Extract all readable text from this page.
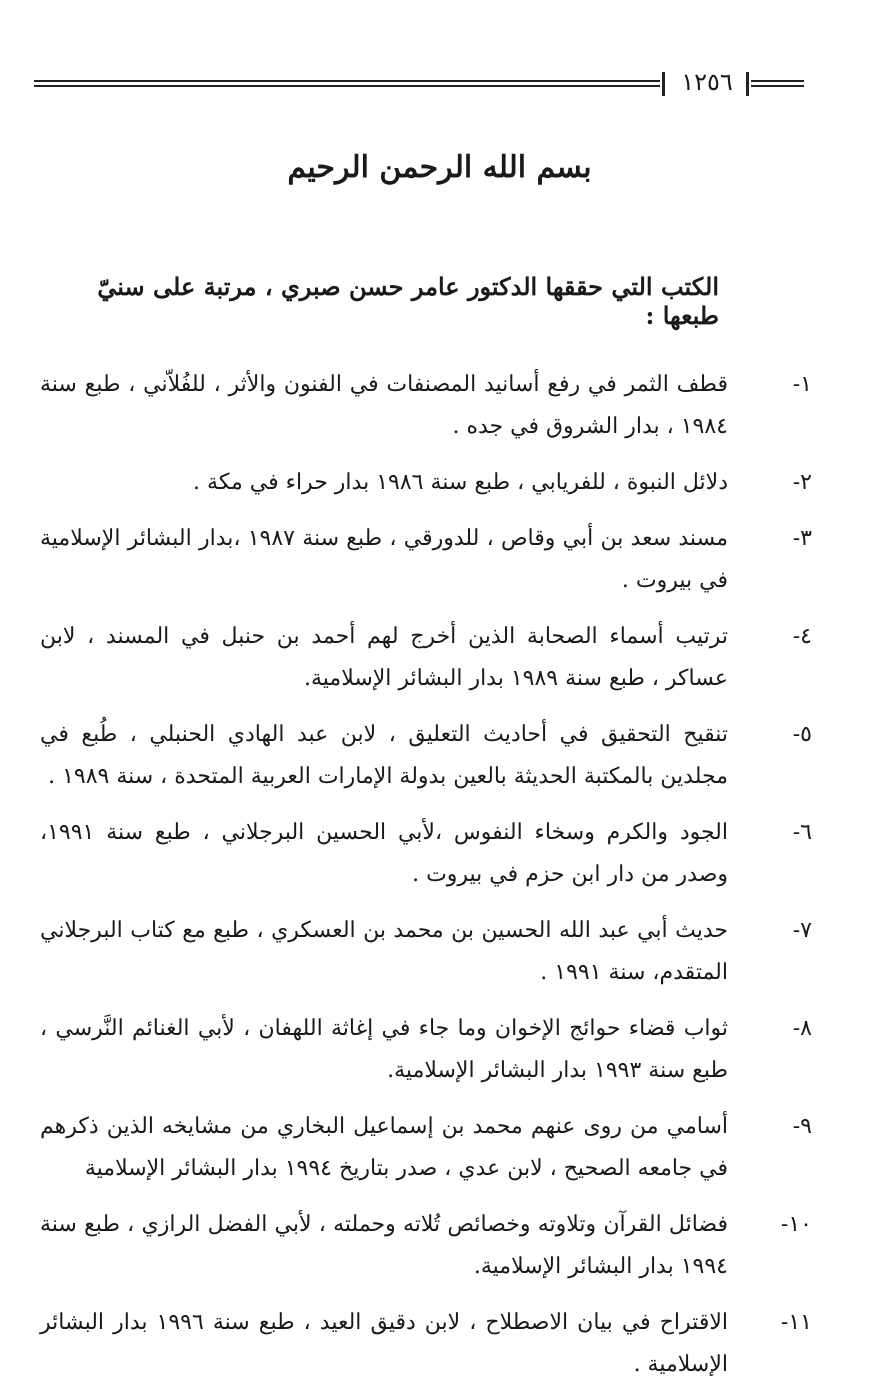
١٢٥٦
بسم الله الرحمن الرحيم
الكتب التي حققها الدكتور عامر حسن صبري ، مرتبة على سنيّ طبعها :
١-
قطف الثمر في رفع أسانيد المصنفات في الفنون والأثر ، للفُلاّني ، طبع سنة ١٩٨٤ ، بدار الشروق في جده .
٢-
دلائل النبوة ، للفريابي ، طبع سنة ١٩٨٦ بدار حراء في مكة .
٣-
مسند سعد بن أبي وقاص ، للدورقي ، طبع سنة ١٩٨٧ ،بدار البشائر الإسلامية في بيروت .
٤-
ترتيب أسماء الصحابة الذين أخرج لهم أحمد بن حنبل في المسند ، لابن عساكر ، طبع سنة ١٩٨٩ بدار البشائر الإسلامية.
٥-
تنقيح التحقيق في أحاديث التعليق ، لابن عبد الهادي الحنبلي ، طُبع في مجلدين بالمكتبة الحديثة بالعين بدولة الإمارات العربية المتحدة ، سنة ١٩٨٩ .
٦-
الجود والكرم وسخاء النفوس ،لأبي الحسين البرجلاني ، طبع سنة ١٩٩١، وصدر من دار ابن حزم في بيروت .
٧-
حديث أبي عبد الله الحسين بن محمد بن العسكري ، طبع مع كتاب البرجلاني المتقدم، سنة ١٩٩١ .
٨-
ثواب قضاء حوائج الإخوان وما جاء في إغاثة اللهفان ، لأبي الغنائم النَّرسي ، طبع سنة ١٩٩٣ بدار البشائر الإسلامية.
٩-
أسامي من روى عنهم محمد بن إسماعيل البخاري من مشايخه الذين ذكرهم في جامعه الصحيح ، لابن عدي ، صدر بتاريخ ١٩٩٤ بدار البشائر الإسلامية
١٠-
فضائل القرآن وتلاوته وخصائص تُلاته وحملته ، لأبي الفضل الرازي ، طبع سنة ١٩٩٤ بدار البشائر الإسلامية.
١١-
الاقتراح في بيان الاصطلاح ، لابن دقيق العيد ، طبع سنة ١٩٩٦ بدار البشائر الإسلامية .
